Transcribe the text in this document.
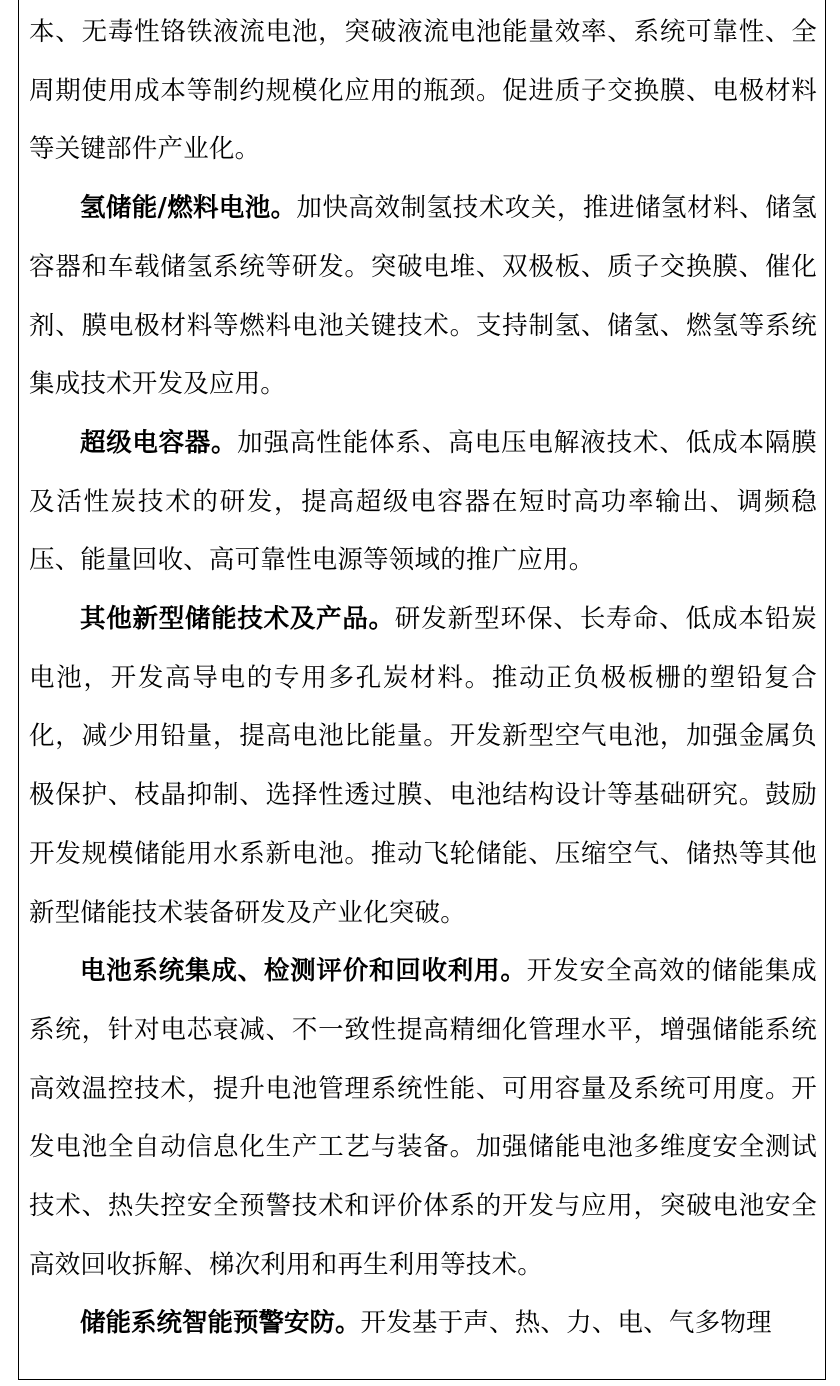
本、无毒性铬铁液流电池，突破液流电池能量效率、系统可靠性、全周期使用成本等制约规模化应用的瓶颈。促进质子交换膜、电极材料等关键部件产业化。

氢储能/燃料电池。加快高效制氢技术攻关，推进储氢材料、储氢容器和车载储氢系统等研发。突破电堆、双极板、质子交换膜、催化剂、膜电极材料等燃料电池关键技术。支持制氢、储氢、燃氢等系统集成技术开发及应用。

超级电容器。加强高性能体系、高电压电解液技术、低成本隔膜及活性炭技术的研发，提高超级电容器在短时高功率输出、调频稳压、能量回收、高可靠性电源等领域的推广应用。

其他新型储能技术及产品。研发新型环保、长寿命、低成本铅炭电池，开发高导电的专用多孔炭材料。推动正负极板栅的塑铅复合化，减少用铅量，提高电池比能量。开发新型空气电池，加强金属负极保护、枝晶抑制、选择性透过膜、电池结构设计等基础研究。鼓励开发规模储能用水系新电池。推动飞轮储能、压缩空气、储热等其他新型储能技术装备研发及产业化突破。

电池系统集成、检测评价和回收利用。开发安全高效的储能集成系统，针对电芯衰减、不一致性提高精细化管理水平，增强储能系统高效温控技术，提升电池管理系统性能、可用容量及系统可用度。开发电池全自动信息化生产工艺与装备。加强储能电池多维度安全测试技术、热失控安全预警技术和评价体系的开发与应用，突破电池安全高效回收拆解、梯次利用和再生利用等技术。

储能系统智能预警安防。开发基于声、热、力、电、气多物理
